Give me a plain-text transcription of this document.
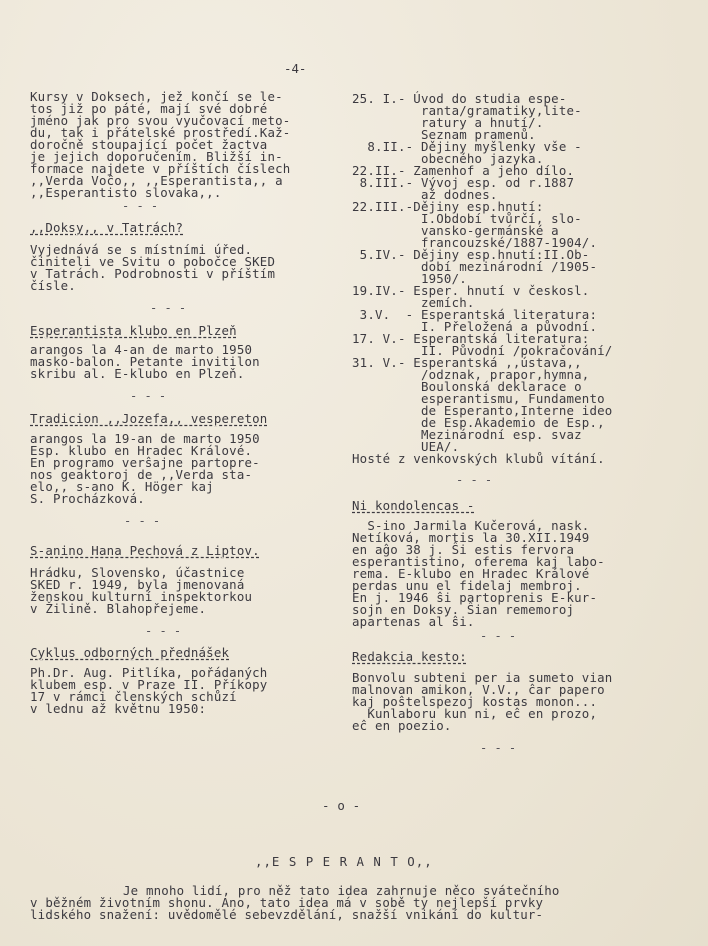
-4-
Kursy v Doksech, jež končí se le-
tos již po páté, mají své dobré
jméno jak pro svou vyučovací meto-
du, tak i přátelské prostředí.Kaž-
doročně stoupající počet žactva
je jejich doporučením. Bližší in-
formace najdete v příštích číslech
,,Verda Voĉo,, ,,Esperantista,, a
,,Esperantisto slovaka,,.
- - -
,,Doksy,, v Tatrách?
Vyjednává se s místními úřed.
činiteli ve Svitu o pobočce SKED
v Tatrách. Podrobnosti v příštím
čísle.
- - -
Esperantista klubo en Plzeň
arangos la 4-an de marto 1950
masko-balon. Petante invitilon
skribu al. E-klubo en Plzeň.
- - -
Tradicion ,,Jozefa,, vespereton
arangos la 19-an de marto 1950
Esp. klubo en Hradec Králové.
En programo verŝajne partopre-
nos geaktoroj de ,,Verda sta-
elo,, s-ano K. Höger kaj
S. Procházková.
- - -
S-anino Hana Pechová z Liptov.
Hrádku, Slovensko, účastnice
SKED r. 1949, byla jmenovaná
ženskou kulturní inspektorkou
v Žilině. Blahopřejeme.
- - -
Cyklus odborných přednášek
Ph.Dr. Aug. Pitlíka, pořádaných
klubem esp. v Praze II. Příkopy
17 v rámci členských schůzí
v lednu až květnu 1950:
25. I.- Úvod do studia espe-
ranta/gramatiky,lite-
ratury a hnutí/.
Seznam pramenů.
8.II.- Dějiny myšlenky vše -
obecného jazyka.
22.II.- Zamenhof a jeho dílo.
8.III.- Vývoj esp. od r.1887
až dodnes.
22.III.-Dějiny esp.hnutí:
I.Období tvůrčí, slo-
vansko-germánské a
francouzské/1887-1904/.
5.IV.- Dějiny esp.hnutí:II.Ob-
dobí mezinárodní /1905-
1950/.
19.IV.- Esper. hnutí v českosl.
zemích.
3.V.  - Esperantská literatura:
I. Přeložená a původní.
17. V.- Esperantská literatura:
II. Původní /pokračování/
31. V.- Esperantská ,,ústava,,
/odznak, prapor,hymna,
Boulonská deklarace o
esperantismu, Fundamento
de Esperanto,Interne ideo
de Esp.Akademio de Esp.,
Mezinárodní esp. svaz
UEA/.
Hosté z venkovských klubů vítání.
- - -
Ni kondolencas -
S-ino Jarmila Kučerová, nask.
Netíková, mortis la 30.XII.1949
en aĝo 38 j. Ŝi estis fervora
esperantistino, oferema kaj labo-
rema. E-klubo en Hradec Králové
perdas unu el fidelaj membroj.
En j. 1946 ŝi partoprenis E-kur-
sojn en Doksy. Ŝian rememoroj
apartenas al ŝi.
- - -
Redakcia kesto:
Bonvolu subteni per ia sumeto vian
malnovan amikon, V.V., ĉar papero
kaj poŝtelspezoj kostas monon...
Kunlaboru kun ni, eĉ en prozo,
eĉ en poezio.
- - -
- o -
,,E S P E R A N T O,,
Je mnoho lidí, pro něž tato idea zahrnuje něco svátečního
v běžném životním shonu. Ano, tato idea má v sobě ty nejlepší prvky
lidského snažení: uvědomělé sebevzdělání, snažší vnikání do kultur-
